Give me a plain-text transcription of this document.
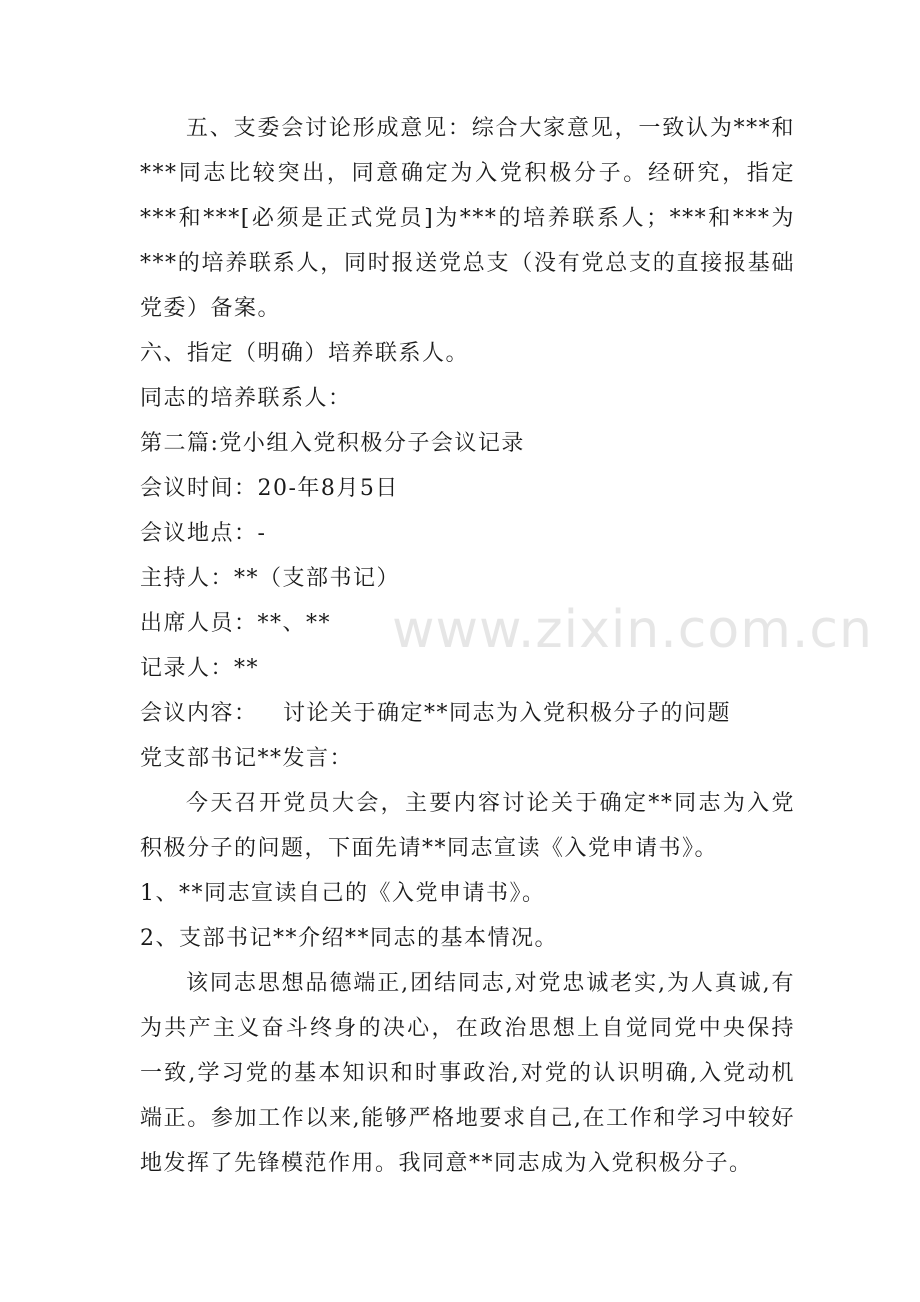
五、支委会讨论形成意见：综合大家意见，一致认为***和***同志比较突出，同意确定为入党积极分子。经研究，指定***和***[必须是正式党员]为***的培养联系人；***和***为***的培养联系人，同时报送党总支（没有党总支的直接报基础党委）备案。

六、指定（明确）培养联系人。

同志的培养联系人：

第二篇:党小组入党积极分子会议记录

会议时间：20-年8月5日

会议地点：-

主持人：**（支部书记）

出席人员：**、**

记录人：**

会议内容：   讨论关于确定**同志为入党积极分子的问题

党支部书记**发言：

今天召开党员大会，主要内容讨论关于确定**同志为入党积极分子的问题，下面先请**同志宣读《入党申请书》。

1、**同志宣读自己的《入党申请书》。

2、支部书记**介绍**同志的基本情况。

该同志思想品德端正,团结同志,对党忠诚老实,为人真诚,有为共产主义奋斗终身的决心，在政治思想上自觉同党中央保持一致,学习党的基本知识和时事政治,对党的认识明确,入党动机端正。参加工作以来,能够严格地要求自己,在工作和学习中较好地发挥了先锋模范作用。我同意**同志成为入党积极分子。

www.zixin.com.cn
